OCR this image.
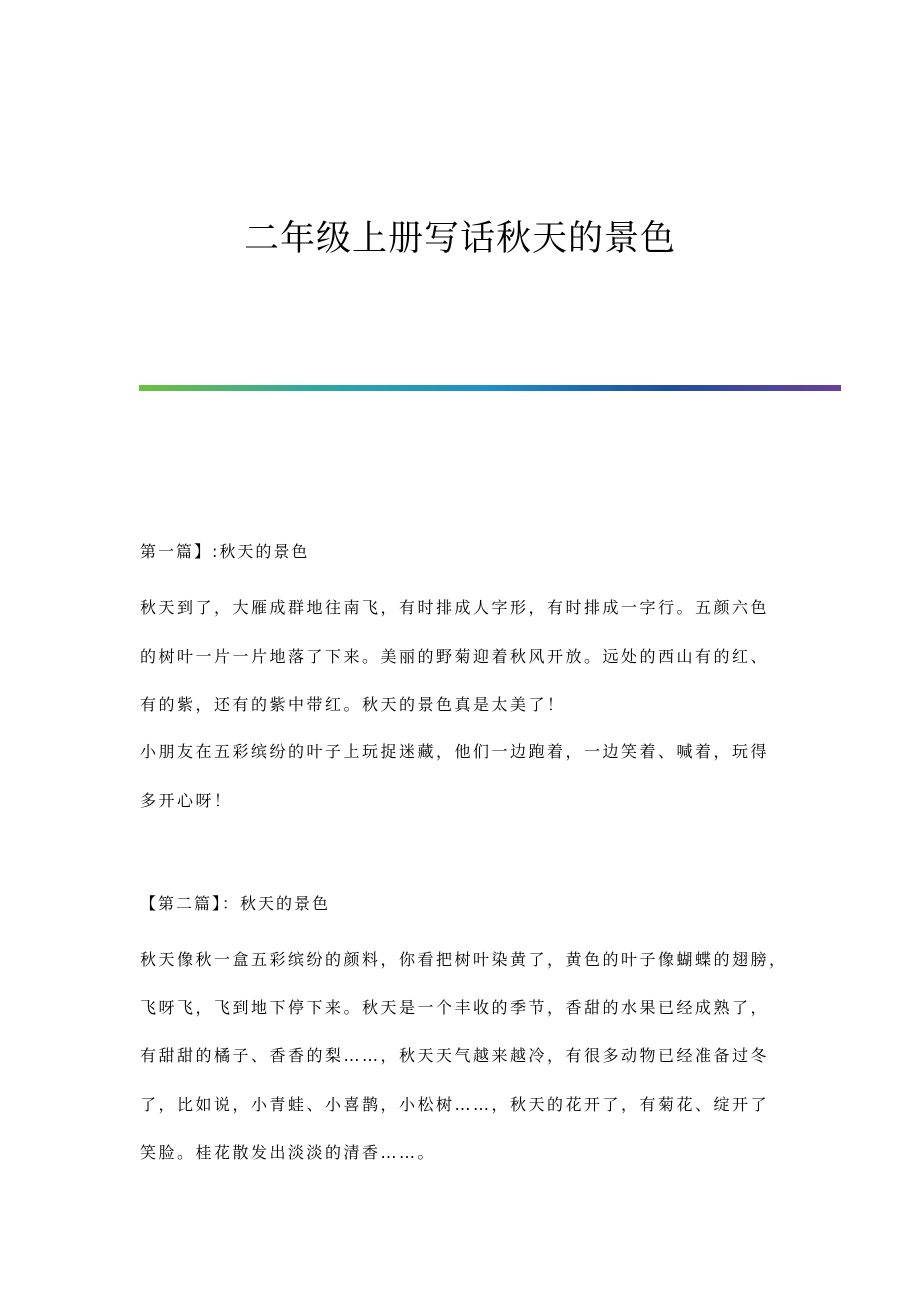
二年级上册写话秋天的景色

第一篇】:秋天的景色

秋天到了，大雁成群地往南飞，有时排成人字形，有时排成一字行。五颜六色

的树叶一片一片地落了下来。美丽的野菊迎着秋风开放。远处的西山有的红、

有的紫，还有的紫中带红。秋天的景色真是太美了！

小朋友在五彩缤纷的叶子上玩捉迷藏，他们一边跑着，一边笑着、喊着，玩得

多开心呀！

【第二篇】：秋天的景色

秋天像秋一盒五彩缤纷的颜料，你看把树叶染黄了，黄色的叶子像蝴蝶的翅膀，

飞呀飞，飞到地下停下来。秋天是一个丰收的季节，香甜的水果已经成熟了，

有甜甜的橘子、香香的梨……，秋天天气越来越冷，有很多动物已经准备过冬

了，比如说，小青蛙、小喜鹊，小松树……，秋天的花开了，有菊花、绽开了

笑脸。桂花散发出淡淡的清香……。
